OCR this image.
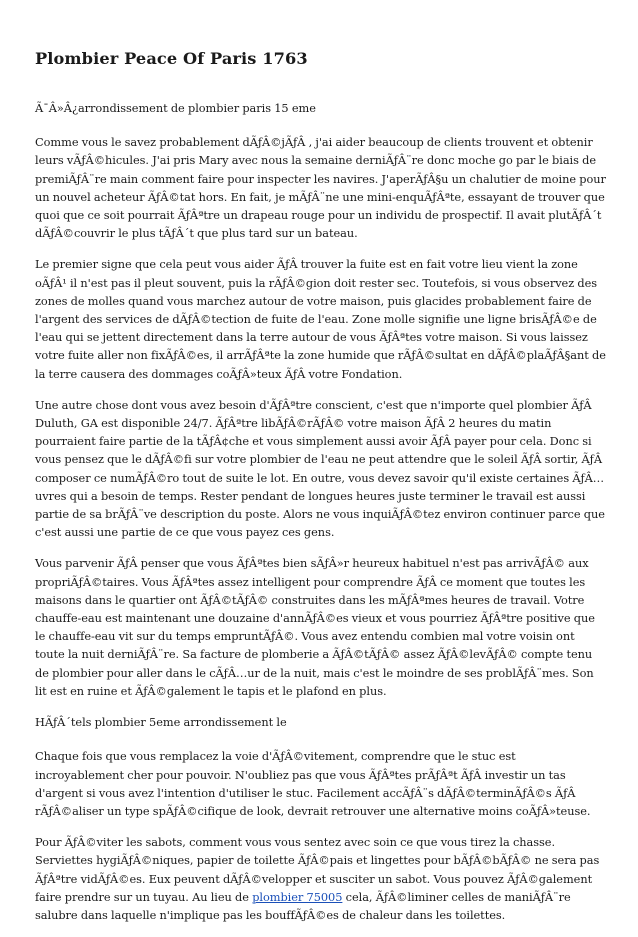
Plombier Peace Of Paris 1763

Ã¯Â»Â¿arrondissement de plombier paris 15 eme

Comme vous le savez probablement dÃƒÂ©jÃƒÂ , j'ai aider beaucoup de clients trouvent et obtenir leurs vÃƒÂ©hicules. J'ai pris Mary avec nous la semaine derniÃƒÂ¨re donc moche go par le biais de premiÃƒÂ¨re main comment faire pour inspecter les navires. J'aperÃƒÂ§u un chalutier de moine pour un nouvel acheteur ÃƒÂ©tat hors. En fait, je mÃƒÂ¨ne une mini-enquÃƒÂªte, essayant de trouver que quoi que ce soit pourrait ÃƒÂªtre un drapeau rouge pour un individu de prospectif. Il avait plutÃƒÂ´t dÃƒÂ©couvrir le plus tÃƒÂ´t que plus tard sur un bateau.

Le premier signe que cela peut vous aider ÃƒÂ trouver la fuite est en fait votre lieu vient la zone oÃƒÂ¹ il n'est pas il pleut souvent, puis la rÃƒÂ©gion doit rester sec. Toutefois, si vous observez des zones de molles quand vous marchez autour de votre maison, puis glacides probablement faire de l'argent des services de dÃƒÂ©tection de fuite de l'eau. Zone molle signifie une ligne brisÃƒÂ©e de l'eau qui se jettent directement dans la terre autour de vous ÃƒÂªtes votre maison. Si vous laissez votre fuite aller non fixÃƒÂ©es, il arrÃƒÂªte la zone humide que rÃƒÂ©sultat en dÃƒÂ©plaÃƒÂ§ant de la terre causera des dommages coÃƒÂ»teux ÃƒÂ votre Fondation.

Une autre chose dont vous avez besoin d'ÃƒÂªtre conscient, c'est que n'importe quel plombier ÃƒÂ Duluth, GA est disponible 24/7. ÃƒÂªtre libÃƒÂ©rÃƒÂ© votre maison ÃƒÂ 2 heures du matin pourraient faire partie de la tÃƒÂ¢che et vous simplement aussi avoir ÃƒÂ payer pour cela. Donc si vous pensez que le dÃƒÂ©fi sur votre plombier de l'eau ne peut attendre que le soleil ÃƒÂ sortir, ÃƒÂ composer ce numÃƒÂ©ro tout de suite le lot. En outre, vous devez savoir qu'il existe certaines ÃƒÂ…uvres qui a besoin de temps. Rester pendant de longues heures juste terminer le travail est aussi partie de sa brÃƒÂ¨ve description du poste. Alors ne vous inquiÃƒÂ©tez environ continuer parce que c'est aussi une partie de ce que vous payez ces gens.

Vous parvenir ÃƒÂ penser que vous ÃƒÂªtes bien sÃƒÂ»r heureux habituel n'est pas arrivÃƒÂ© aux propriÃƒÂ©taires. Vous ÃƒÂªtes assez intelligent pour comprendre ÃƒÂ ce moment que toutes les maisons dans le quartier ont ÃƒÂ©tÃƒÂ© construites dans les mÃƒÂªmes heures de travail. Votre chauffe-eau est maintenant une douzaine d'annÃƒÂ©es vieux et vous pourriez ÃƒÂªtre positive que le chauffe-eau vit sur du temps empruntÃƒÂ©. Vous avez entendu combien mal votre voisin ont toute la nuit derniÃƒÂ¨re. Sa facture de plomberie a ÃƒÂ©tÃƒÂ© assez ÃƒÂ©levÃƒÂ© compte tenu de plombier pour aller dans le cÃƒÂ…ur de la nuit, mais c'est le moindre de ses problÃƒÂ¨mes. Son lit est en ruine et ÃƒÂ©galement le tapis et le plafond en plus.

HÃƒÂ´tels plombier 5eme arrondissement le

Chaque fois que vous remplacez la voie d'ÃƒÂ©vitement, comprendre que le stuc est incroyablement cher pour pouvoir. N'oubliez pas que vous ÃƒÂªtes prÃƒÂªt ÃƒÂ investir un tas d'argent si vous avez l'intention d'utiliser le stuc. Facilement accÃƒÂ¨s dÃƒÂ©terminÃƒÂ©s ÃƒÂ rÃƒÂ©aliser un type spÃƒÂ©cifique de look, devrait retrouver une alternative moins coÃƒÂ»teuse.

Pour ÃƒÂ©viter les sabots, comment vous vous sentez avec soin ce que vous tirez la chasse. Serviettes hygiÃƒÂ©niques, papier de toilette ÃƒÂ©pais et lingettes pour bÃƒÂ©bÃƒÂ© ne sera pas ÃƒÂªtre vidÃƒÂ©es. Eux peuvent dÃƒÂ©velopper et susciter un sabot. Vous pouvez ÃƒÂ©galement faire prendre sur un tuyau. Au lieu de plombier 75005 cela, ÃƒÂ©liminer celles de maniÃƒÂ¨re salubre dans laquelle n'implique pas les bouffÃƒÂ©es de chaleur dans les toilettes.
